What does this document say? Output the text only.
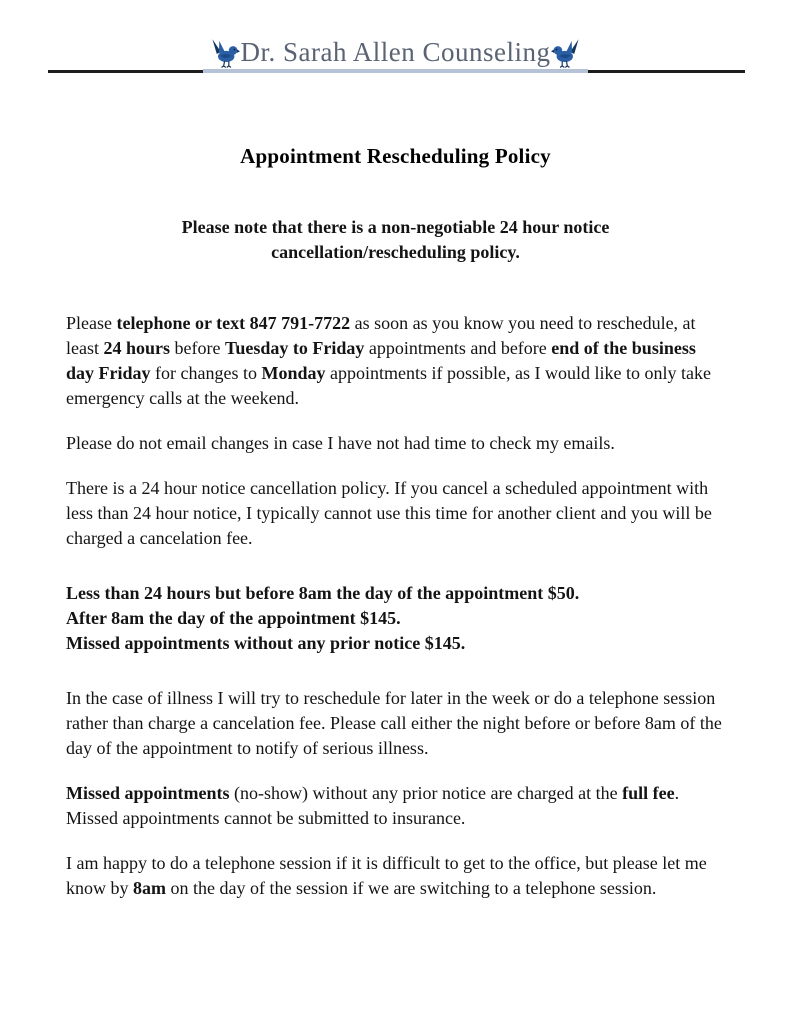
Dr. Sarah Allen Counseling
Appointment Rescheduling Policy

Please note that there is a non-negotiable 24 hour notice cancellation/rescheduling policy.

Please telephone or text 847 791-7722 as soon as you know you need to reschedule, at least 24 hours before Tuesday to Friday appointments and before end of the business day Friday for changes to Monday appointments if possible, as I would like to only take emergency calls at the weekend.

Please do not email changes in case I have not had time to check my emails.

There is a 24 hour notice cancellation policy. If you cancel a scheduled appointment with less than 24 hour notice, I typically cannot use this time for another client and you will be charged a cancelation fee.

Less than 24 hours but before 8am the day of the appointment $50.
After 8am the day of the appointment $145.
Missed appointments without any prior notice $145.

In the case of illness I will try to reschedule for later in the week or do a telephone session rather than charge a cancelation fee. Please call either the night before or before 8am of the day of the appointment to notify of serious illness.

Missed appointments (no-show) without any prior notice are charged at the full fee. Missed appointments cannot be submitted to insurance.

I am happy to do a telephone session if it is difficult to get to the office, but please let me know by 8am on the day of the session if we are switching to a telephone session.
